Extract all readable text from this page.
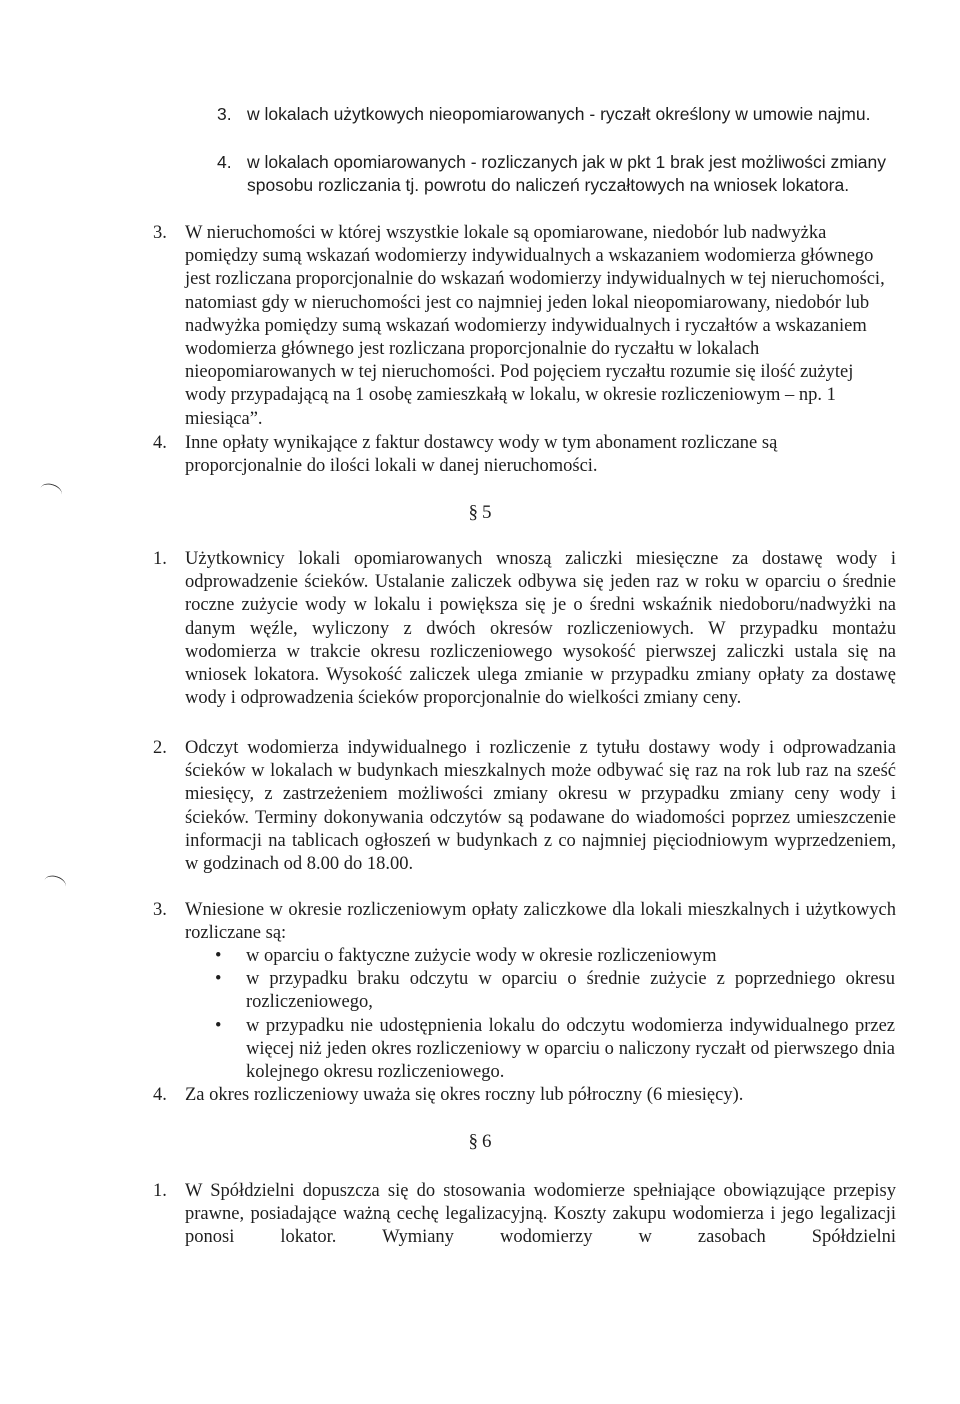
3. w lokalach użytkowych nieopomiarowanych - ryczałt określony w umowie najmu.
4. w lokalach opomiarowanych - rozliczanych jak w pkt 1 brak jest możliwości zmiany sposobu rozliczania tj. powrotu do naliczeń ryczałtowych na wniosek lokatora.
3. W nieruchomości w której wszystkie lokale są opomiarowane, niedobór lub nadwyżka pomiędzy sumą wskazań wodomierzy indywidualnych a wskazaniem wodomierza głównego jest rozliczana proporcjonalnie do wskazań wodomierzy indywidualnych w tej nieruchomości, natomiast gdy w nieruchomości jest co najmniej jeden lokal nieopomiarowany, niedobór lub nadwyżka pomiędzy sumą wskazań wodomierzy indywidualnych i ryczałtów a wskazaniem wodomierza głównego jest rozliczana proporcjonalnie do ryczałtu w lokalach nieopomiarowanych w tej nieruchomości. Pod pojęciem ryczałtu rozumie się ilość zużytej wody przypadającą na 1 osobę zamieszkałą w lokalu, w okresie rozliczeniowym – np. 1 miesiąca”.
4. Inne opłaty wynikające z faktur dostawcy wody w tym abonament rozliczane są proporcjonalnie do ilości lokali w danej nieruchomości.
§ 5
1. Użytkownicy lokali opomiarowanych wnoszą zaliczki miesięczne za dostawę wody i odprowadzenie ścieków. Ustalanie zaliczek odbywa się jeden raz w roku w oparciu o średnie roczne zużycie wody w lokalu i powiększa się je o średni wskaźnik niedoboru/nadwyżki na danym węźle, wyliczony z dwóch okresów rozliczeniowych. W przypadku montażu wodomierza w trakcie okresu rozliczeniowego wysokość pierwszej zaliczki ustala się na wniosek lokatora. Wysokość zaliczek ulega zmianie w przypadku zmiany opłaty za dostawę wody i odprowadzenia ścieków proporcjonalnie do wielkości zmiany ceny.
2. Odczyt wodomierza indywidualnego i rozliczenie z tytułu dostawy wody i odprowadzania ścieków w lokalach w budynkach mieszkalnych może odbywać się raz na rok lub raz na sześć miesięcy, z zastrzeżeniem możliwości zmiany okresu w przypadku zmiany ceny wody i ścieków. Terminy dokonywania odczytów są podawane do wiadomości poprzez umieszczenie informacji na tablicach ogłoszeń w budynkach z co najmniej pięciodniowym wyprzedzeniem, w godzinach od 8.00 do 18.00.
3. Wniesione w okresie rozliczeniowym opłaty zaliczkowe dla lokali mieszkalnych i użytkowych rozliczane są:
• w oparciu o faktyczne zużycie wody w okresie rozliczeniowym
• w przypadku braku odczytu w oparciu o średnie zużycie z poprzedniego okresu rozliczeniowego,
• w przypadku nie udostępnienia lokalu do odczytu wodomierza indywidualnego przez więcej niż jeden okres rozliczeniowy w oparciu o naliczony ryczałt od pierwszego dnia kolejnego okresu rozliczeniowego.
4. Za okres rozliczeniowy uważa się okres roczny lub półroczny (6 miesięcy).
§ 6
1. W Spółdzielni dopuszcza się do stosowania wodomierze spełniające obowiązujące przepisy prawne, posiadające ważną cechę legalizacyjną. Koszty zakupu wodomierza i jego legalizacji ponosi lokator. Wymiany wodomierzy w zasobach Spółdzielni
